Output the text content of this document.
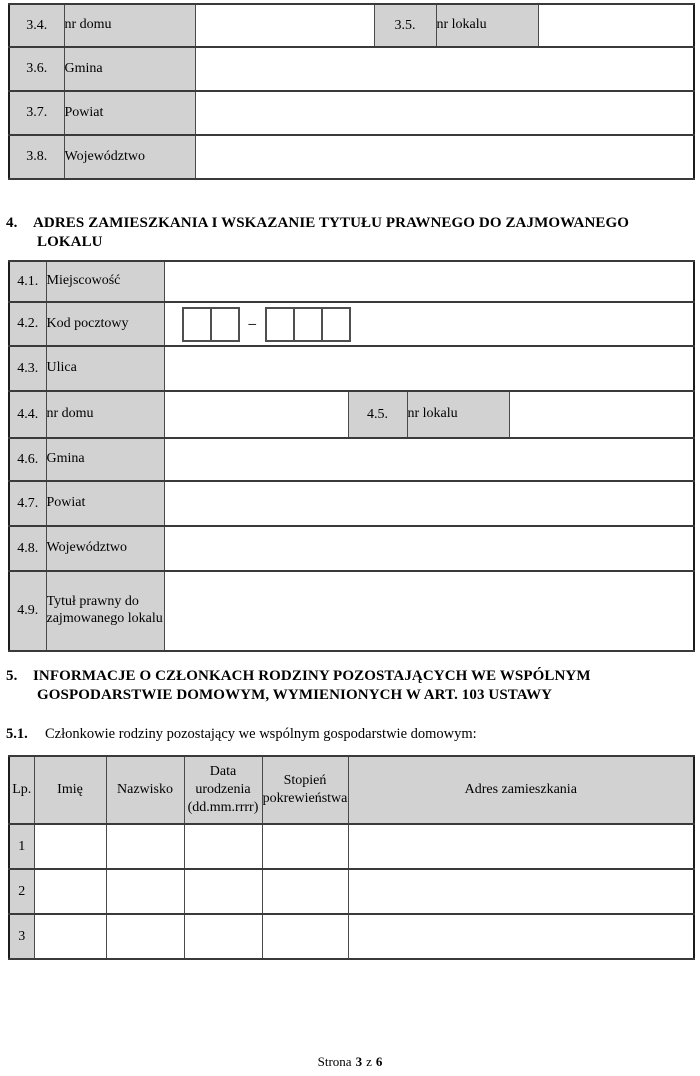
3.4.	nr domu		3.5.	nr lokalu	
3.6.	Gmina				
3.7.	Powiat				
3.8.	Województwo				
4.	ADRES ZAMIESZKANIA I WSKAZANIE TYTUŁU PRAWNEGO DO ZAJMOWANEGO
LOKALU
4.1.	Miejscowość				
4.2.	Kod pocztowy	–			

4.3.	Ulica				
4.4.	nr domu		4.5.	nr lokalu	
4.6.	Gmina				
4.7.	Powiat				
4.8.	Województwo				
4.9.	Tytuł prawny do zajmowanego lokalu				
5.	INFORMACJE O CZŁONKACH RODZINY POZOSTAJĄCYCH WE WSPÓLNYM
GOSPODARSTWIE DOMOWYM, WYMIENIONYCH W ART. 103 USTAWY
5.1. Członkowie rodziny pozostający we wspólnym gospodarstwie domowym:
Lp.	Imię	Nazwisko	Data urodzenia (dd.mm.rrrr)	Stopień pokrewieństwa	Adres zamieszkania
1					
2					
3					
Strona 3 z 6
